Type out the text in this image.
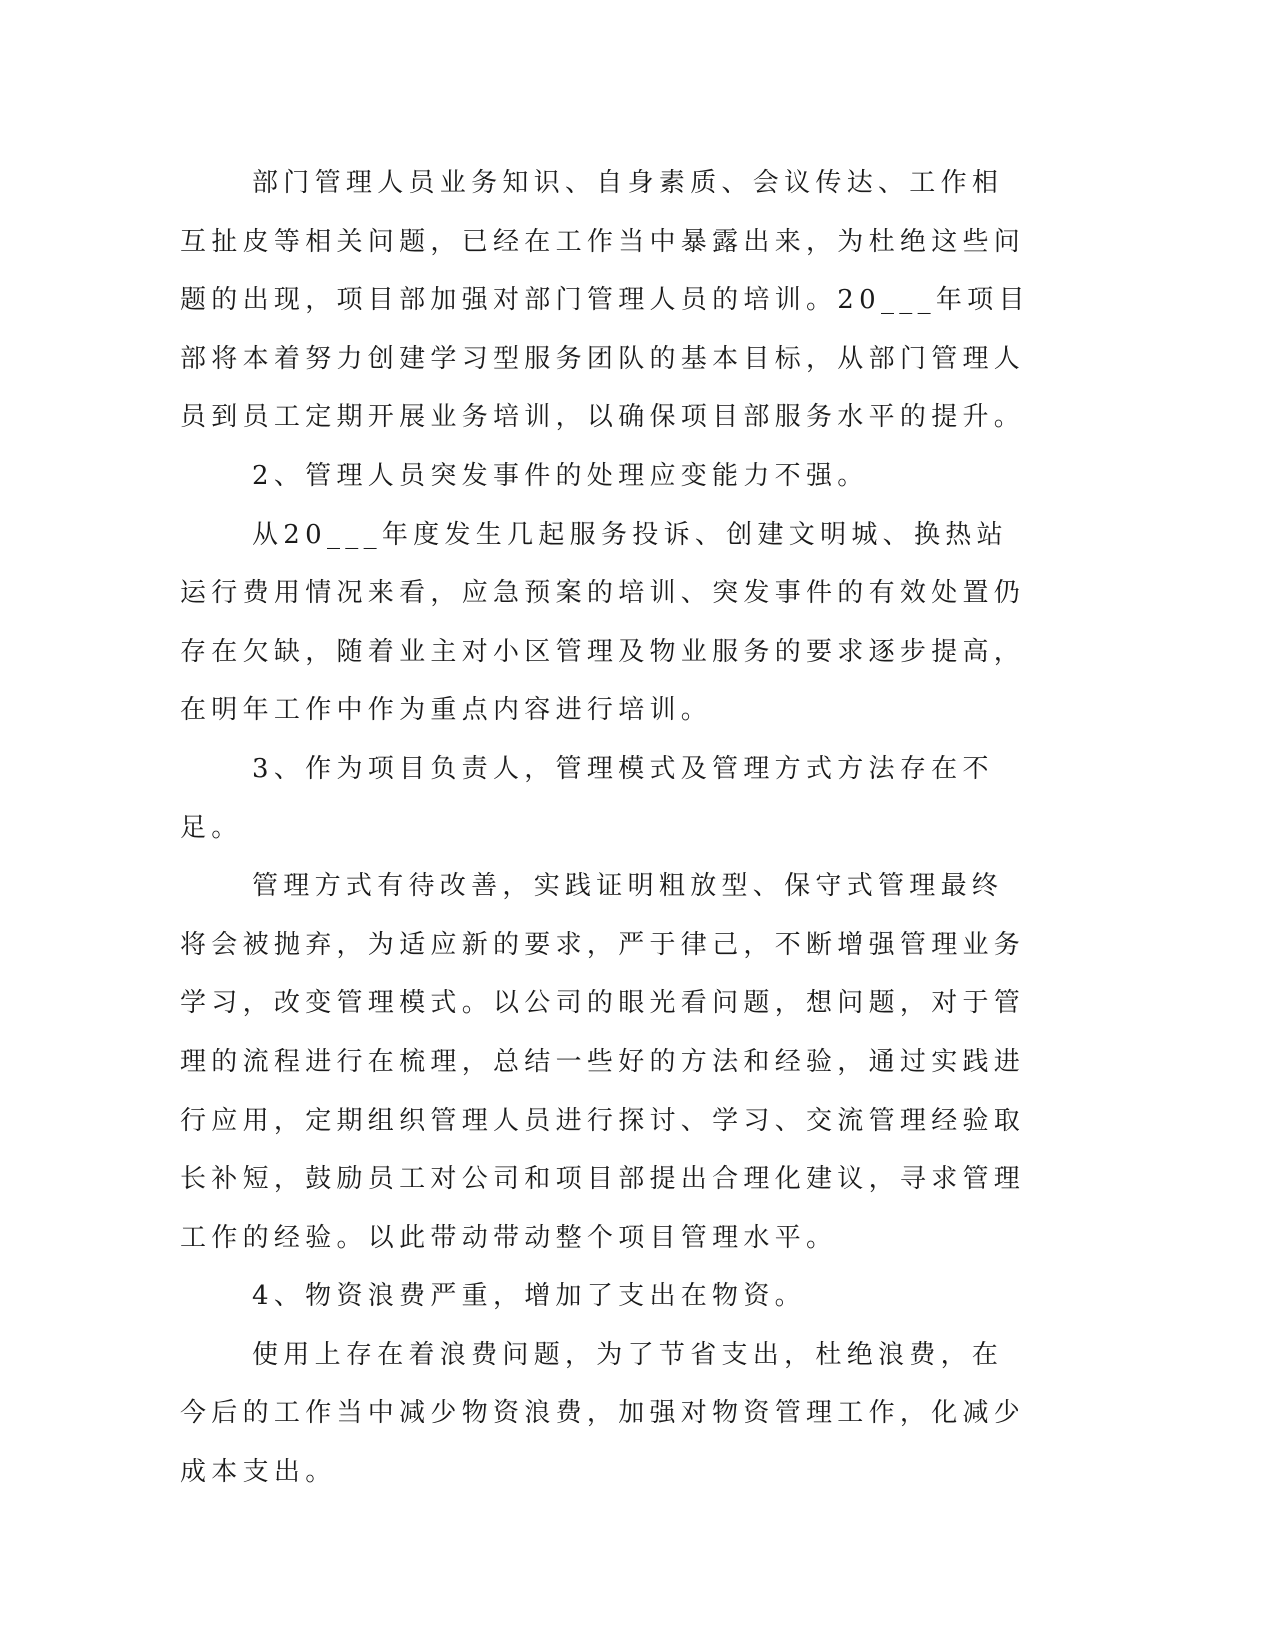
部门管理人员业务知识、自身素质、会议传达、工作相互扯皮等相关问题，已经在工作当中暴露出来，为杜绝这些问题的出现，项目部加强对部门管理人员的培训。20___年项目部将本着努力创建学习型服务团队的基本目标，从部门管理人员到员工定期开展业务培训，以确保项目部服务水平的提升。

2、管理人员突发事件的处理应变能力不强。

从20___年度发生几起服务投诉、创建文明城、换热站运行费用情况来看，应急预案的培训、突发事件的有效处置仍存在欠缺，随着业主对小区管理及物业服务的要求逐步提高，在明年工作中作为重点内容进行培训。

3、作为项目负责人，管理模式及管理方式方法存在不足。

管理方式有待改善，实践证明粗放型、保守式管理最终将会被抛弃，为适应新的要求，严于律己，不断增强管理业务学习，改变管理模式。以公司的眼光看问题，想问题，对于管理的流程进行在梳理，总结一些好的方法和经验，通过实践进行应用，定期组织管理人员进行探讨、学习、交流管理经验取长补短，鼓励员工对公司和项目部提出合理化建议，寻求管理工作的经验。以此带动带动整个项目管理水平。

4、物资浪费严重，增加了支出在物资。

使用上存在着浪费问题，为了节省支出，杜绝浪费，在今后的工作当中减少物资浪费，加强对物资管理工作，化减少成本支出。
